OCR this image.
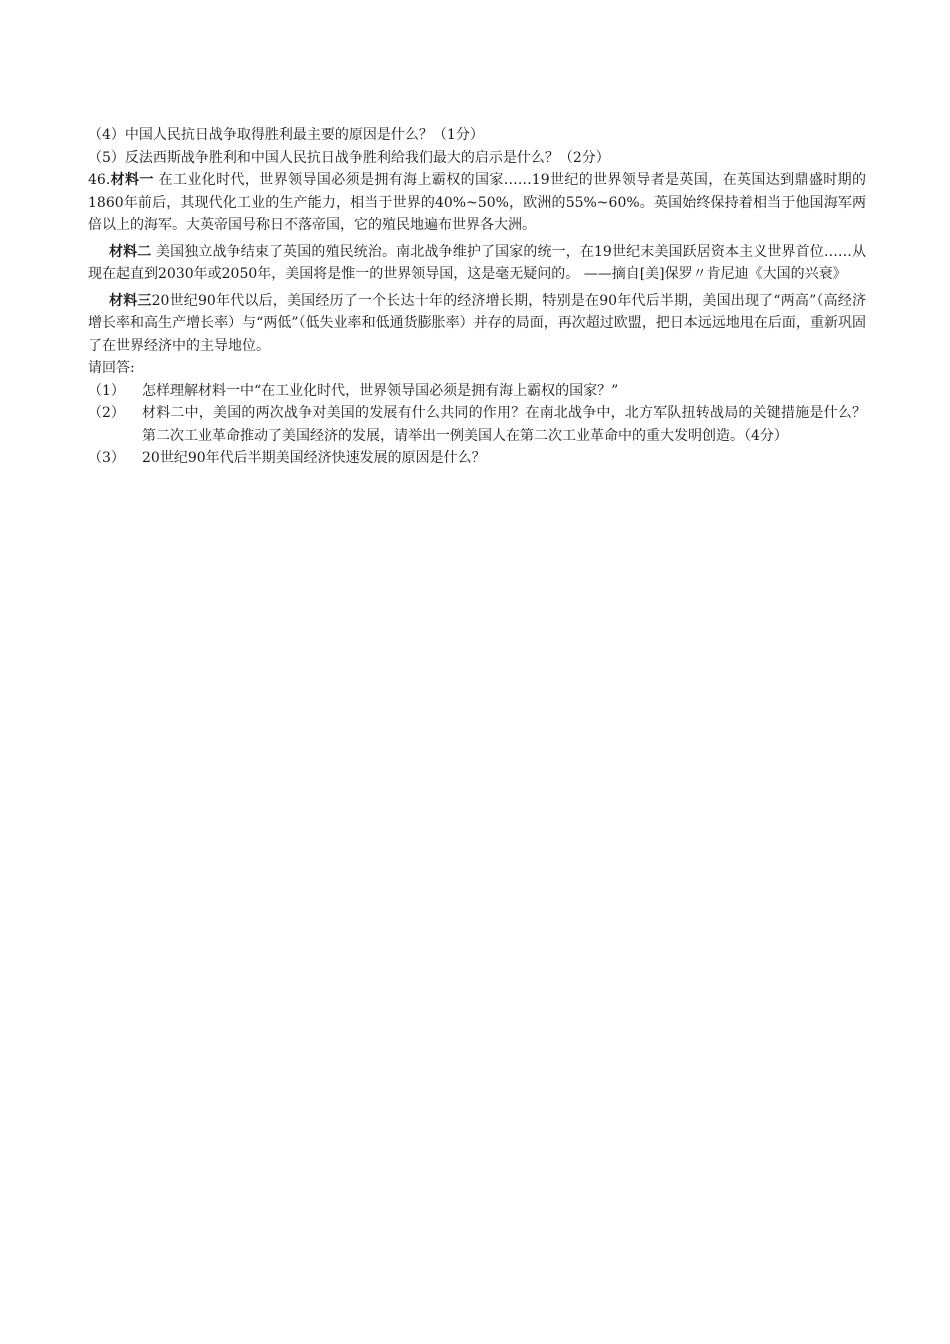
（4）中国人民抗日战争取得胜利最主要的原因是什么？（1分）
（5）反法西斯战争胜利和中国人民抗日战争胜利给我们最大的启示是什么？（2分）
46.材料一 在工业化时代，世界领导国必须是拥有海上霸权的国家……19世纪的世界领导者是英国，在英国达到鼎盛时期的1860年前后，其现代化工业的生产能力，相当于世界的40%~50%，欧洲的55%~60%。英国始终保持着相当于他国海军两倍以上的海军。大英帝国号称日不落帝国，它的殖民地遍布世界各大洲。
材料二 美国独立战争结束了英国的殖民统治。南北战争维护了国家的统一，在19世纪末美国跃居资本主义世界首位……从现在起直到2030年或2050年，美国将是惟一的世界领导国，这是毫无疑问的。 ——摘自[美]保罗〃肯尼迪《大国的兴衰》
材料三20世纪90年代以后，美国经历了一个长达十年的经济增长期，特别是在90年代后半期，美国出现了“两高”（高经济增长率和高生产增长率）与“两低”（低失业率和低通货膨胀率）并存的局面，再次超过欧盟，把日本远远地甩在后面，重新巩固了在世界经济中的主导地位。
请回答:
（1）	怎样理解材料一中“在工业化时代，世界领导国必须是拥有海上霸权的国家？”
（2）	材料二中，美国的两次战争对美国的发展有什么共同的作用？在南北战争中，北方军队扭转战局的关键措施是什么？第二次工业革命推动了美国经济的发展，请举出一例美国人在第二次工业革命中的重大发明创造。（4分）
（3）	20世纪90年代后半期美国经济快速发展的原因是什么？
